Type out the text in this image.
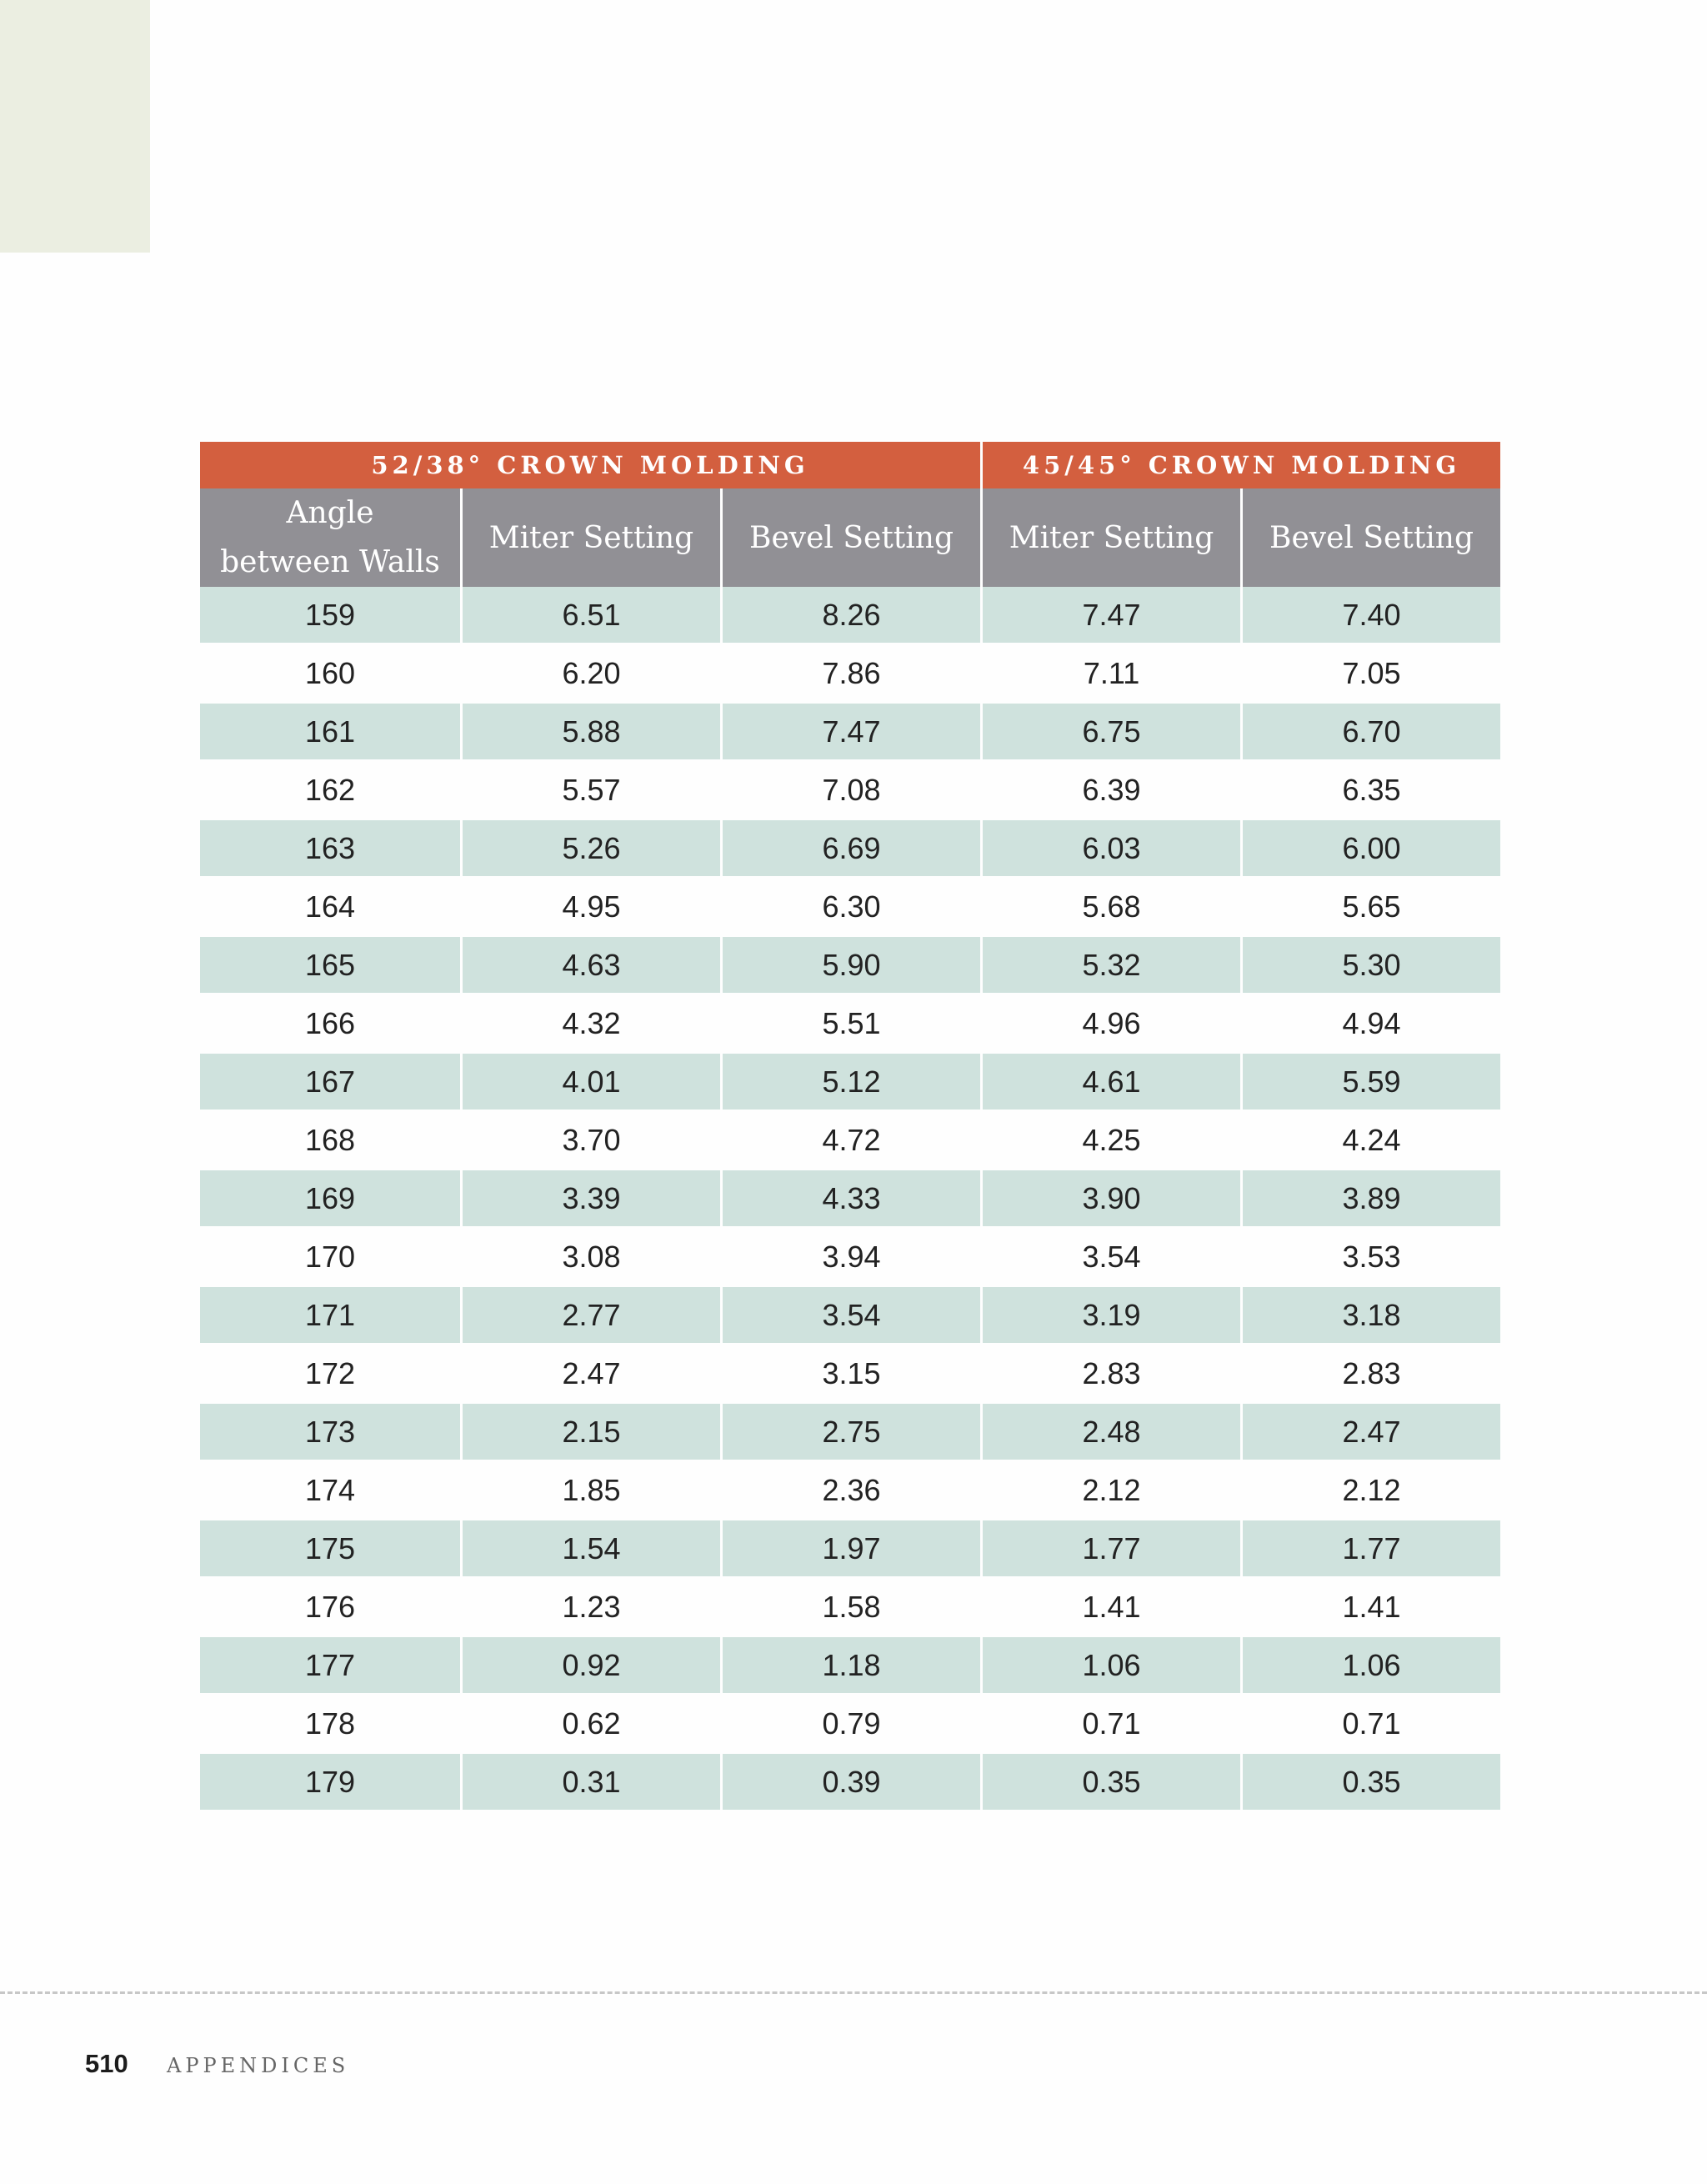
52/38° CROWN MOLDING			45/45° CROWN MOLDING	
Angle
between Walls	Miter Setting	Bevel Setting	Miter Setting	Bevel Setting
159	6.51	8.26	7.47	7.40
160	6.20	7.86	7.11	7.05
161	5.88	7.47	6.75	6.70
162	5.57	7.08	6.39	6.35
163	5.26	6.69	6.03	6.00
164	4.95	6.30	5.68	5.65
165	4.63	5.90	5.32	5.30
166	4.32	5.51	4.96	4.94
167	4.01	5.12	4.61	5.59
168	3.70	4.72	4.25	4.24
169	3.39	4.33	3.90	3.89
170	3.08	3.94	3.54	3.53
171	2.77	3.54	3.19	3.18
172	2.47	3.15	2.83	2.83
173	2.15	2.75	2.48	2.47
174	1.85	2.36	2.12	2.12
175	1.54	1.97	1.77	1.77
176	1.23	1.58	1.41	1.41
177	0.92	1.18	1.06	1.06
178	0.62	0.79	0.71	0.71
179	0.31	0.39	0.35	0.35
510 APPENDICES
